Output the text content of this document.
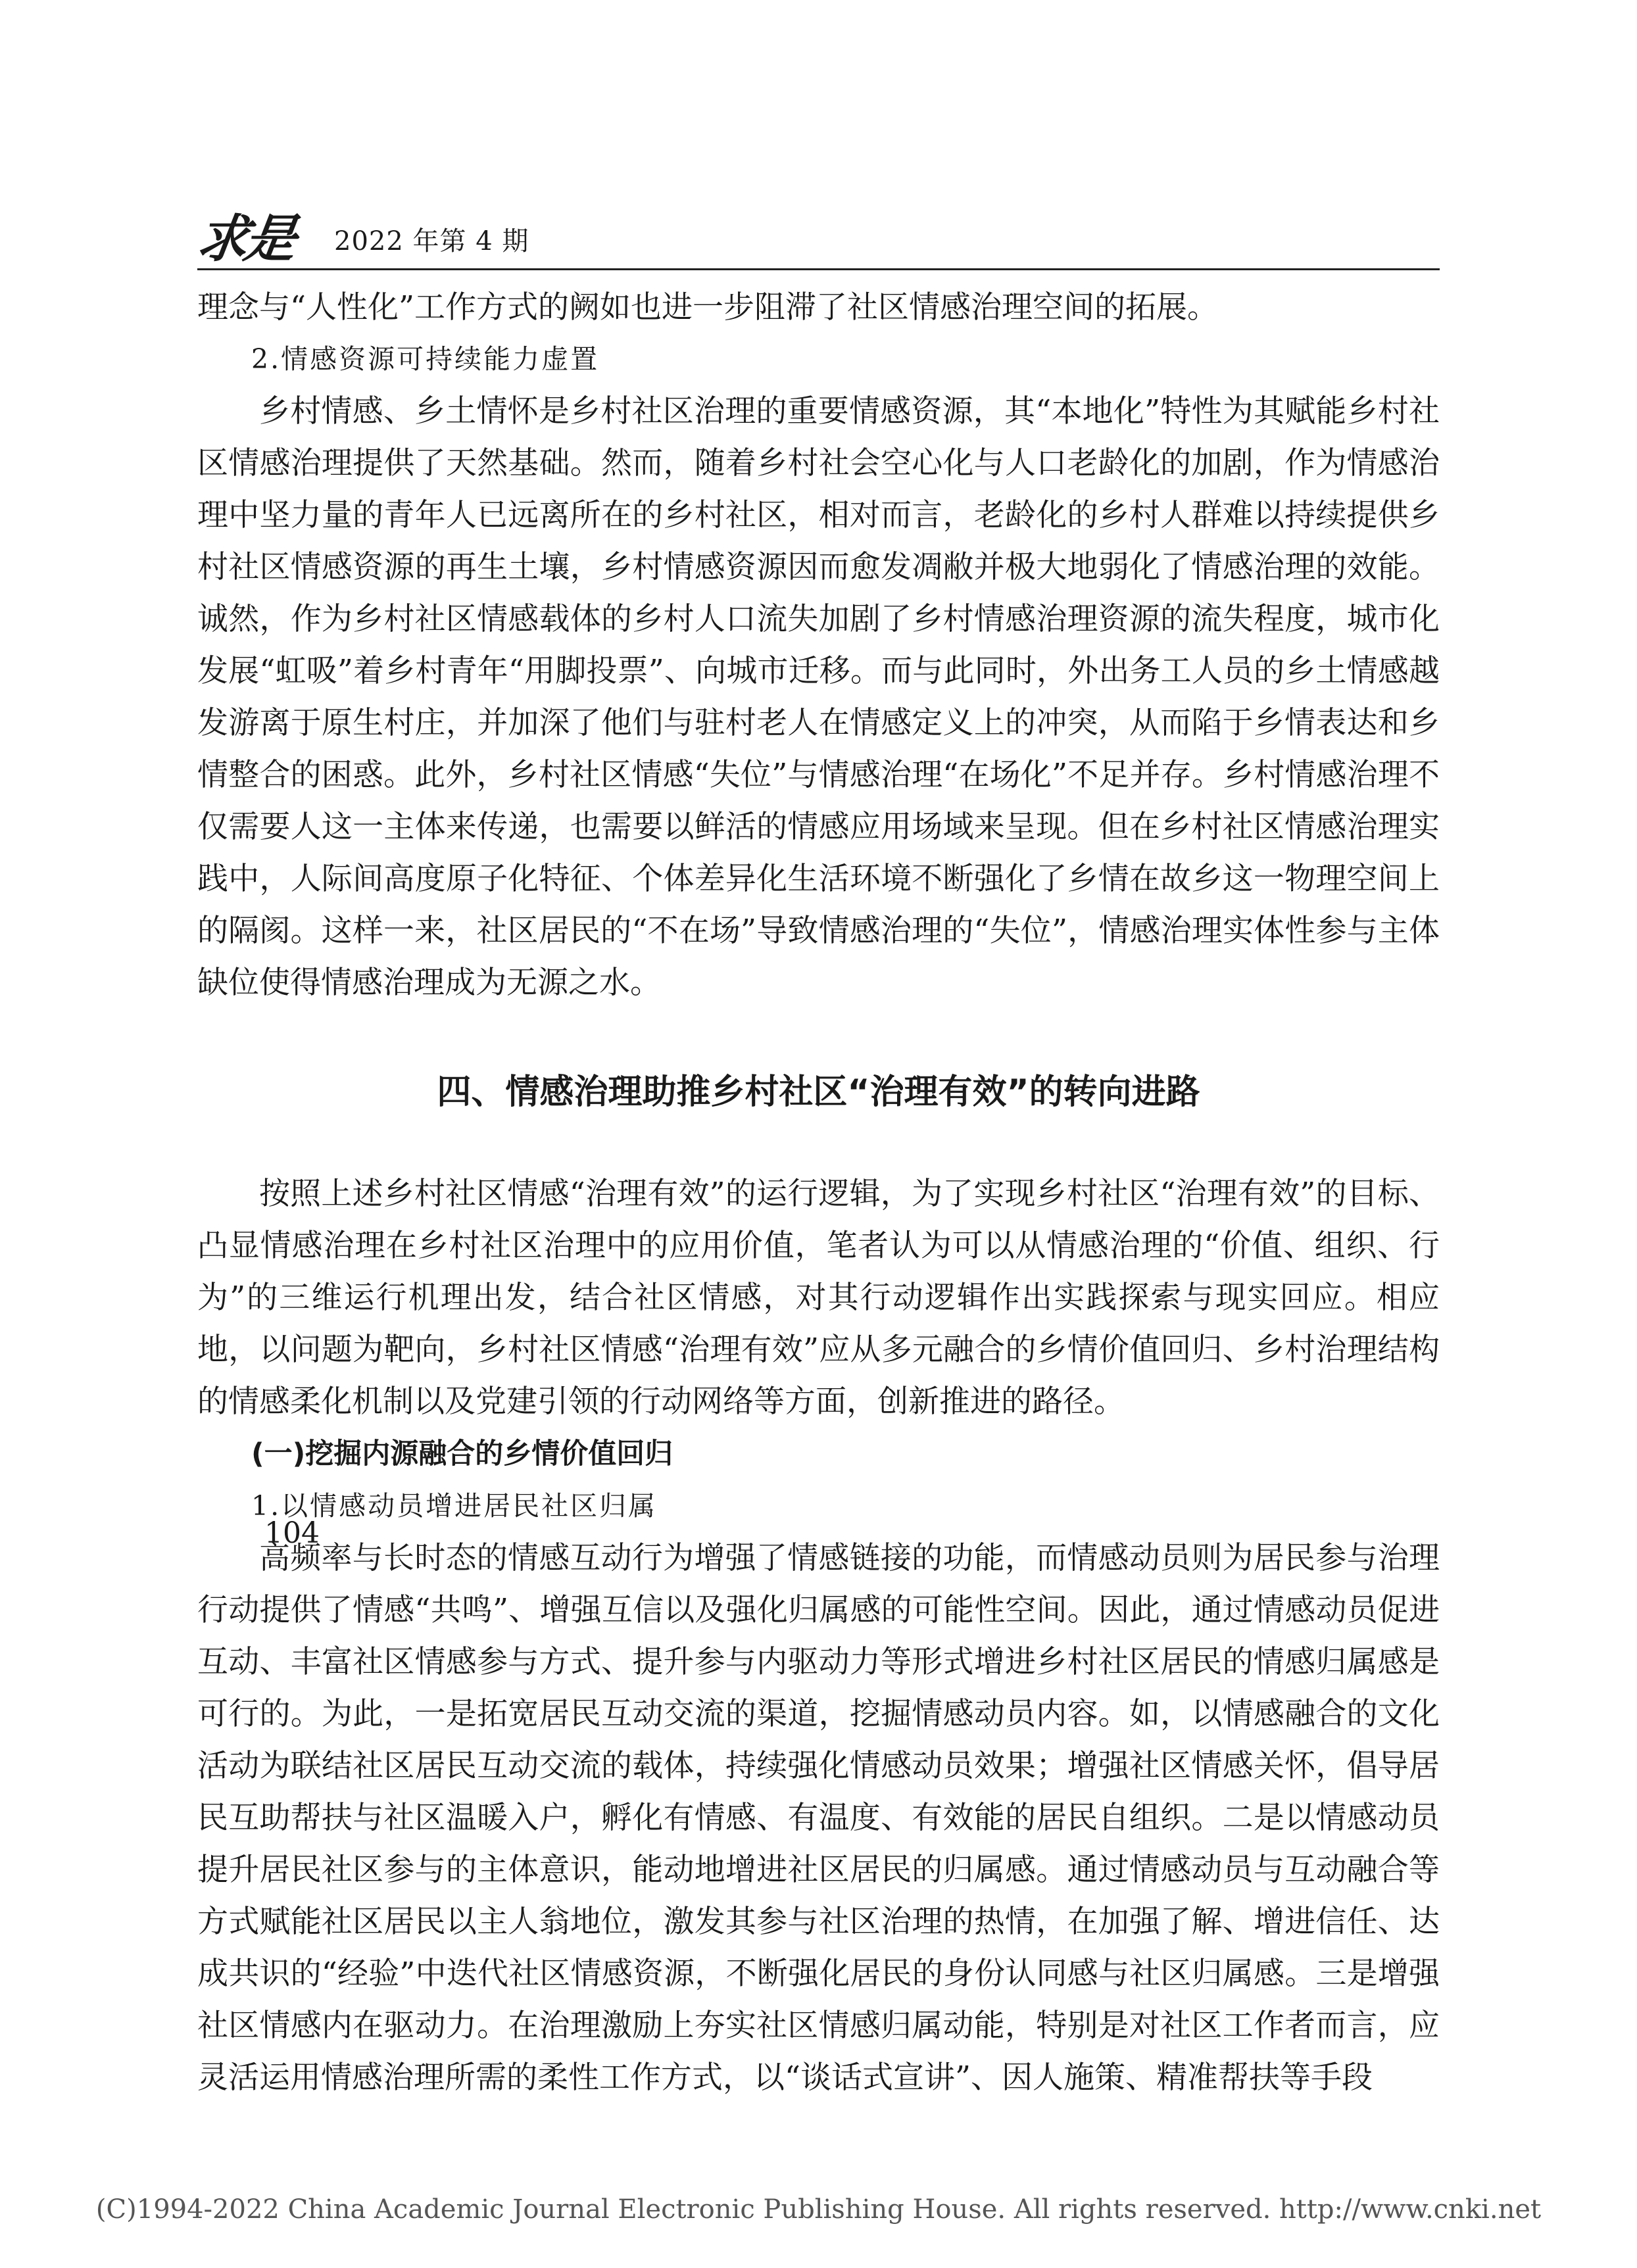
求是 2022 年第 4 期

理念与“人性化”工作方式的阙如也进一步阻滞了社区情感治理空间的拓展。

2.情感资源可持续能力虚置

乡村情感、乡土情怀是乡村社区治理的重要情感资源，其“本地化”特性为其赋能乡村社区情感治理提供了天然基础。然而，随着乡村社会空心化与人口老龄化的加剧，作为情感治理中坚力量的青年人已远离所在的乡村社区，相对而言，老龄化的乡村人群难以持续提供乡村社区情感资源的再生土壤，乡村情感资源因而愈发凋敝并极大地弱化了情感治理的效能。诚然，作为乡村社区情感载体的乡村人口流失加剧了乡村情感治理资源的流失程度，城市化发展“虹吸”着乡村青年“用脚投票”、向城市迁移。而与此同时，外出务工人员的乡土情感越发游离于原生村庄，并加深了他们与驻村老人在情感定义上的冲突，从而陷于乡情表达和乡情整合的困惑。此外，乡村社区情感“失位”与情感治理“在场化”不足并存。乡村情感治理不仅需要人这一主体来传递，也需要以鲜活的情感应用场域来呈现。但在乡村社区情感治理实践中，人际间高度原子化特征、个体差异化生活环境不断强化了乡情在故乡这一物理空间上的隔阂。这样一来，社区居民的“不在场”导致情感治理的“失位”，情感治理实体性参与主体缺位使得情感治理成为无源之水。

四、情感治理助推乡村社区“治理有效”的转向进路

按照上述乡村社区情感“治理有效”的运行逻辑，为了实现乡村社区“治理有效”的目标、凸显情感治理在乡村社区治理中的应用价值，笔者认为可以从情感治理的“价值、组织、行为”的三维运行机理出发，结合社区情感，对其行动逻辑作出实践探索与现实回应。相应地，以问题为靶向，乡村社区情感“治理有效”应从多元融合的乡情价值回归、乡村治理结构的情感柔化机制以及党建引领的行动网络等方面，创新推进的路径。

(一)挖掘内源融合的乡情价值回归

1.以情感动员增进居民社区归属

高频率与长时态的情感互动行为增强了情感链接的功能，而情感动员则为居民参与治理行动提供了情感“共鸣”、增强互信以及强化归属感的可能性空间。因此，通过情感动员促进互动、丰富社区情感参与方式、提升参与内驱动力等形式增进乡村社区居民的情感归属感是可行的。为此，一是拓宽居民互动交流的渠道，挖掘情感动员内容。如，以情感融合的文化活动为联结社区居民互动交流的载体，持续强化情感动员效果；增强社区情感关怀，倡导居民互助帮扶与社区温暖入户，孵化有情感、有温度、有效能的居民自组织。二是以情感动员提升居民社区参与的主体意识，能动地增进社区居民的归属感。通过情感动员与互动融合等方式赋能社区居民以主人翁地位，激发其参与社区治理的热情，在加强了解、增进信任、达成共识的“经验”中迭代社区情感资源，不断强化居民的身份认同感与社区归属感。三是增强社区情感内在驱动力。在治理激励上夯实社区情感归属动能，特别是对社区工作者而言，应灵活运用情感治理所需的柔性工作方式，以“谈话式宣讲”、因人施策、精准帮扶等手段

104
(C)1994-2022 China Academic Journal Electronic Publishing House. All rights reserved. http://www.cnki.net
